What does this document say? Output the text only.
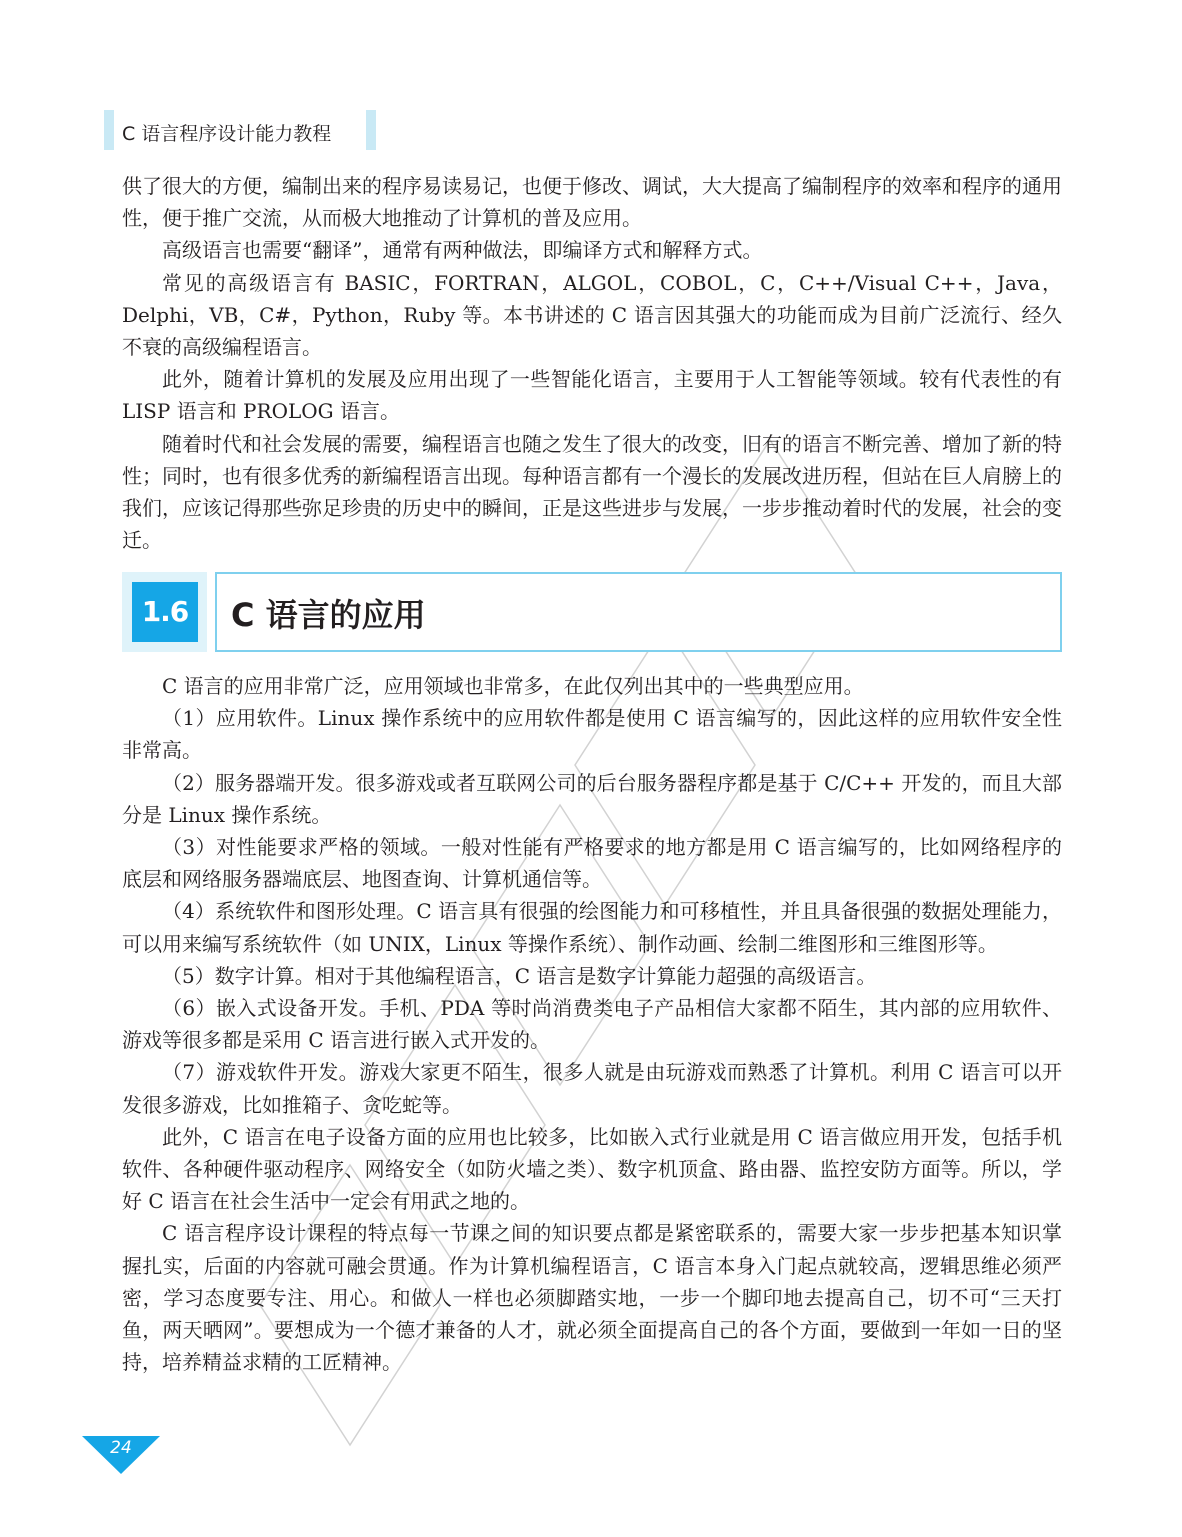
C 语言程序设计能力教程

供了很大的方便，编制出来的程序易读易记，也便于修改、调试，大大提高了编制程序的效率和程序的通用性，便于推广交流，从而极大地推动了计算机的普及应用。

高级语言也需要“翻译”，通常有两种做法，即编译方式和解释方式。

常见的高级语言有 BASIC，FORTRAN，ALGOL，COBOL，C，C++/Visual C++，Java，Delphi，VB，C#，Python，Ruby 等。本书讲述的 C 语言因其强大的功能而成为目前广泛流行、经久不衰的高级编程语言。

此外，随着计算机的发展及应用出现了一些智能化语言，主要用于人工智能等领域。较有代表性的有 LISP 语言和 PROLOG 语言。

随着时代和社会发展的需要，编程语言也随之发生了很大的改变，旧有的语言不断完善、增加了新的特性；同时，也有很多优秀的新编程语言出现。每种语言都有一个漫长的发展改进历程，但站在巨人肩膀上的我们，应该记得那些弥足珍贵的历史中的瞬间，正是这些进步与发展，一步步推动着时代的发展，社会的变迁。

1.6	C 语言的应用

C 语言的应用非常广泛，应用领域也非常多，在此仅列出其中的一些典型应用。

（1）应用软件。Linux 操作系统中的应用软件都是使用 C 语言编写的，因此这样的应用软件安全性非常高。

（2）服务器端开发。很多游戏或者互联网公司的后台服务器程序都是基于 C/C++ 开发的，而且大部分是 Linux 操作系统。

（3）对性能要求严格的领域。一般对性能有严格要求的地方都是用 C 语言编写的，比如网络程序的底层和网络服务器端底层、地图查询、计算机通信等。

（4）系统软件和图形处理。C 语言具有很强的绘图能力和可移植性，并且具备很强的数据处理能力，可以用来编写系统软件（如 UNIX，Linux 等操作系统）、制作动画、绘制二维图形和三维图形等。

（5）数字计算。相对于其他编程语言，C 语言是数字计算能力超强的高级语言。

（6）嵌入式设备开发。手机、PDA 等时尚消费类电子产品相信大家都不陌生，其内部的应用软件、游戏等很多都是采用 C 语言进行嵌入式开发的。

（7）游戏软件开发。游戏大家更不陌生，很多人就是由玩游戏而熟悉了计算机。利用 C 语言可以开发很多游戏，比如推箱子、贪吃蛇等。

此外，C 语言在电子设备方面的应用也比较多，比如嵌入式行业就是用 C 语言做应用开发，包括手机软件、各种硬件驱动程序、网络安全（如防火墙之类）、数字机顶盒、路由器、监控安防方面等。所以，学好 C 语言在社会生活中一定会有用武之地的。

C 语言程序设计课程的特点每一节课之间的知识要点都是紧密联系的，需要大家一步步把基本知识掌握扎实，后面的内容就可融会贯通。作为计算机编程语言，C 语言本身入门起点就较高，逻辑思维必须严密，学习态度要专注、用心。和做人一样也必须脚踏实地，一步一个脚印地去提高自己，切不可“三天打鱼，两天晒网”。要想成为一个德才兼备的人才，就必须全面提高自己的各个方面，要做到一年如一日的坚持，培养精益求精的工匠精神。

24
